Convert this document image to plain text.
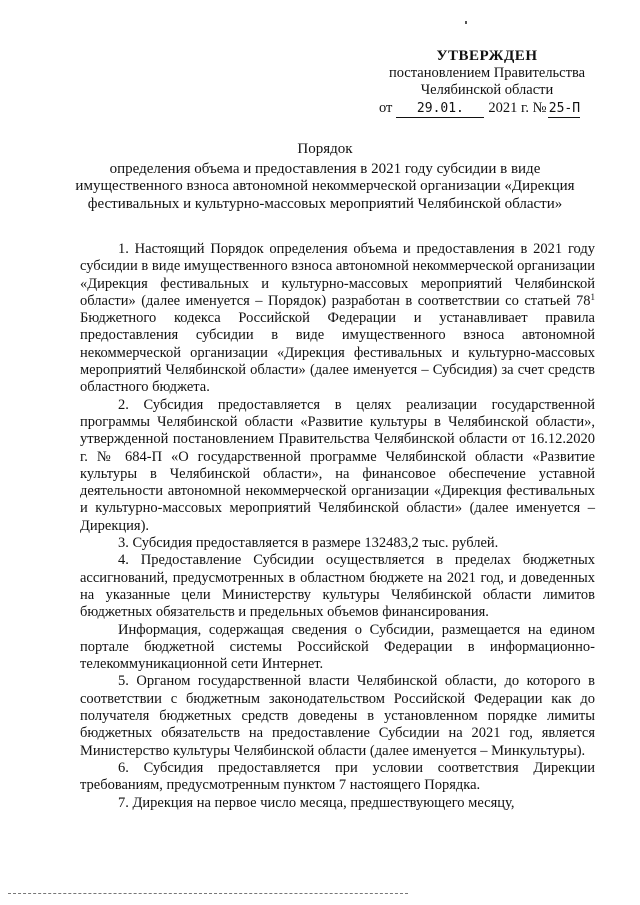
УТВЕРЖДЕН
постановлением Правительства
Челябинской области
от 29.01. 2021 г. № 25-П
Порядок
определения объема и предоставления в 2021 году субсидии в виде имущественного взноса автономной некоммерческой организации «Дирекция фестивальных и культурно-массовых мероприятий Челябинской области»

1. Настоящий Порядок определения объема и предоставления в 2021 году субсидии в виде имущественного взноса автономной некоммерческой организации «Дирекция фестивальных и культурно-массовых мероприятий Челябинской области» (далее именуется – Порядок) разработан в соответствии со статьей $78^1$ Бюджетного кодекса Российской Федерации и устанавливает правила предоставления субсидии в виде имущественного взноса автономной некоммерческой организации «Дирекция фестивальных и культурно-массовых мероприятий Челябинской области» (далее именуется – Субсидия) за счет средств областного бюджета.

2. Субсидия предоставляется в целях реализации государственной программы Челябинской области «Развитие культуры в Челябинской области», утвержденной постановлением Правительства Челябинской области от 16.12.2020 г. № 684-П «О государственной программе Челябинской области «Развитие культуры в Челябинской области», на финансовое обеспечение уставной деятельности автономной некоммерческой организации «Дирекция фестивальных и культурно-массовых мероприятий Челябинской области» (далее именуется – Дирекция).

3. Субсидия предоставляется в размере 132483,2 тыс. рублей.

4. Предоставление Субсидии осуществляется в пределах бюджетных ассигнований, предусмотренных в областном бюджете на 2021 год, и доведенных на указанные цели Министерству культуры Челябинской области лимитов бюджетных обязательств и предельных объемов финансирования.

Информация, содержащая сведения о Субсидии, размещается на едином портале бюджетной системы Российской Федерации в информационно-телекоммуникационной сети Интернет.

5. Органом государственной власти Челябинской области, до которого в соответствии с бюджетным законодательством Российской Федерации как до получателя бюджетных средств доведены в установленном порядке лимиты бюджетных обязательств на предоставление Субсидии на 2021 год, является Министерство культуры Челябинской области (далее именуется – Минкультуры).

6. Субсидия предоставляется при условии соответствия Дирекции требованиям, предусмотренным пунктом 7 настоящего Порядка.

7. Дирекция на первое число месяца, предшествующего месяцу,
